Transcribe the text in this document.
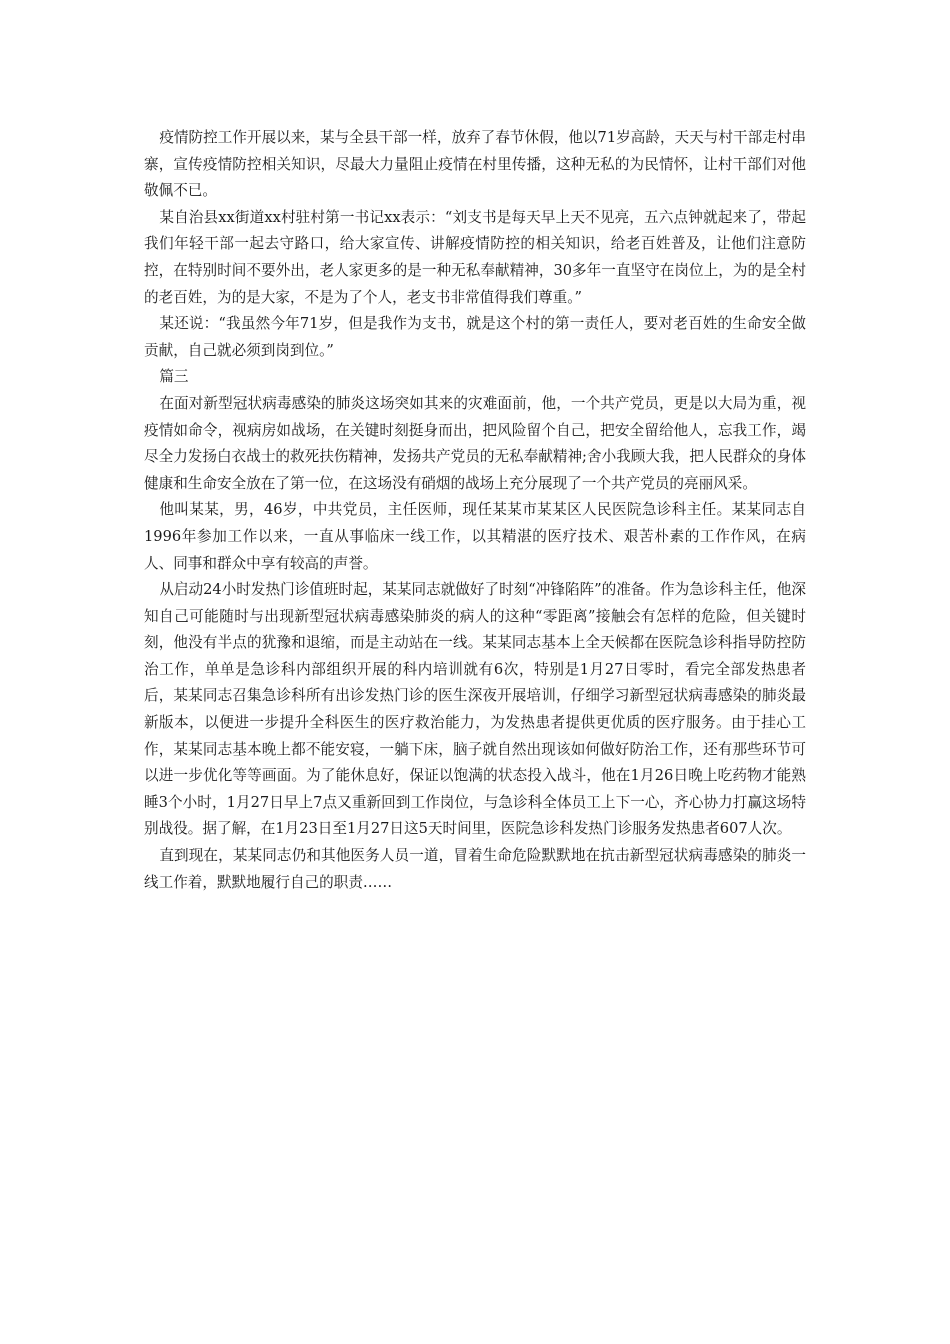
疫情防控工作开展以来，某与全县干部一样，放弃了春节休假，他以71岁高龄，天天与村干部走村串寨，宣传疫情防控相关知识，尽最大力量阻止疫情在村里传播，这种无私的为民情怀，让村干部们对他敬佩不已。

某自治县xx街道xx村驻村第一书记xx表示：“刘支书是每天早上天不见亮，五六点钟就起来了，带起我们年轻干部一起去守路口，给大家宣传、讲解疫情防控的相关知识，给老百姓普及，让他们注意防控，在特别时间不要外出，老人家更多的是一种无私奉献精神，30多年一直坚守在岗位上，为的是全村的老百姓，为的是大家，不是为了个人，老支书非常值得我们尊重。”

某还说：“我虽然今年71岁，但是我作为支书，就是这个村的第一责任人，要对老百姓的生命安全做贡献，自己就必须到岗到位。”

篇三

在面对新型冠状病毒感染的肺炎这场突如其来的灾难面前，他，一个共产党员，更是以大局为重，视疫情如命令，视病房如战场，在关键时刻挺身而出，把风险留个自己，把安全留给他人，忘我工作，竭尽全力发扬白衣战士的救死扶伤精神，发扬共产党员的无私奉献精神;舍小我顾大我，把人民群众的身体健康和生命安全放在了第一位，在这场没有硝烟的战场上充分展现了一个共产党员的亮丽风采。

他叫某某，男，46岁，中共党员，主任医师，现任某某市某某区人民医院急诊科主任。某某同志自1996年参加工作以来，一直从事临床一线工作，以其精湛的医疗技术、艰苦朴素的工作作风，在病人、同事和群众中享有较高的声誉。

从启动24小时发热门诊值班时起，某某同志就做好了时刻“冲锋陷阵”的准备。作为急诊科主任，他深知自己可能随时与出现新型冠状病毒感染肺炎的病人的这种“零距离”接触会有怎样的危险，但关键时刻，他没有半点的犹豫和退缩，而是主动站在一线。某某同志基本上全天候都在医院急诊科指导防控防治工作，单单是急诊科内部组织开展的科内培训就有6次，特别是1月27日零时，看完全部发热患者后，某某同志召集急诊科所有出诊发热门诊的医生深夜开展培训，仔细学习新型冠状病毒感染的肺炎最新版本，以便进一步提升全科医生的医疗救治能力，为发热患者提供更优质的医疗服务。由于挂心工作，某某同志基本晚上都不能安寝，一躺下床，脑子就自然出现该如何做好防治工作，还有那些环节可以进一步优化等等画面。为了能休息好，保证以饱满的状态投入战斗，他在1月26日晚上吃药物才能熟睡3个小时，1月27日早上7点又重新回到工作岗位，与急诊科全体员工上下一心，齐心协力打赢这场特别战役。据了解，在1月23日至1月27日这5天时间里，医院急诊科发热门诊服务发热患者607人次。

直到现在，某某同志仍和其他医务人员一道，冒着生命危险默默地在抗击新型冠状病毒感染的肺炎一线工作着，默默地履行自己的职责……
